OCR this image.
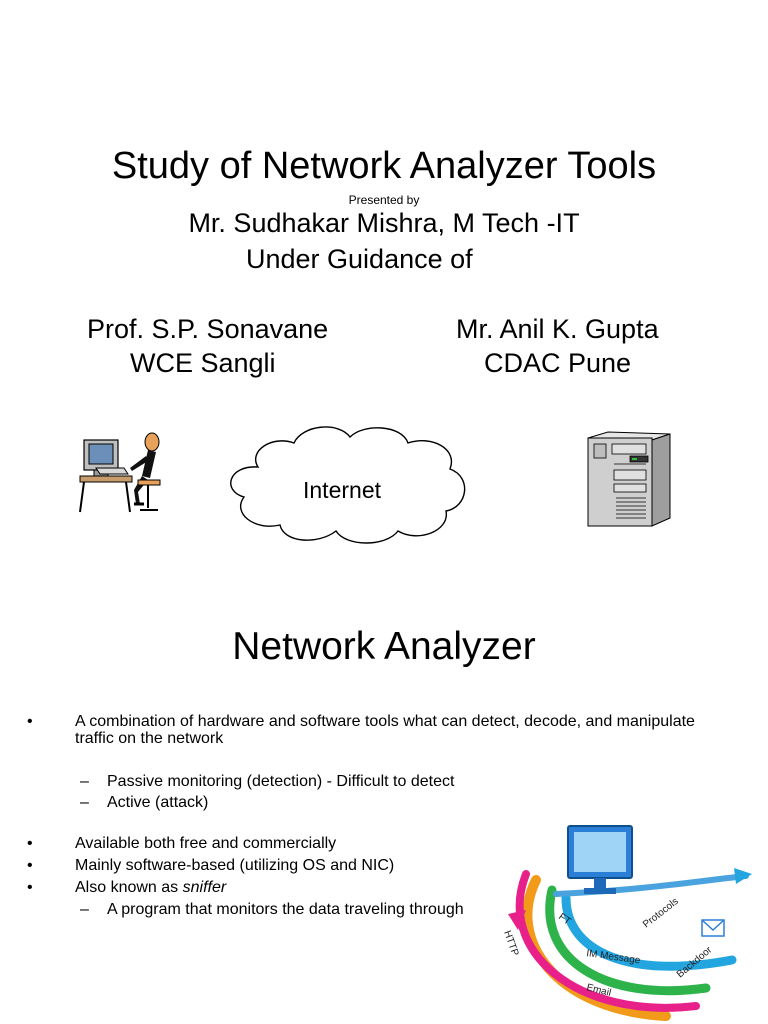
Study of Network Analyzer Tools
Presented by
Mr. Sudhakar Mishra, M Tech -IT
Under Guidance of
Prof. S.P. Sonavane
WCE Sangli
Mr. Anil K. Gupta
CDAC Pune
Internet
Network Analyzer
•	A combination of hardware and software tools what can detect, decode, and manipulate traffic on the network
– Passive monitoring (detection) - Difficult to detect
– Active (attack)
•	Available both free and commercially
•	Mainly software-based (utilizing OS and NIC)
•	Also known as sniffer
– A program that monitors the data traveling through
HTTP
FT	Protocols
IM Message	Backdoor
Email
